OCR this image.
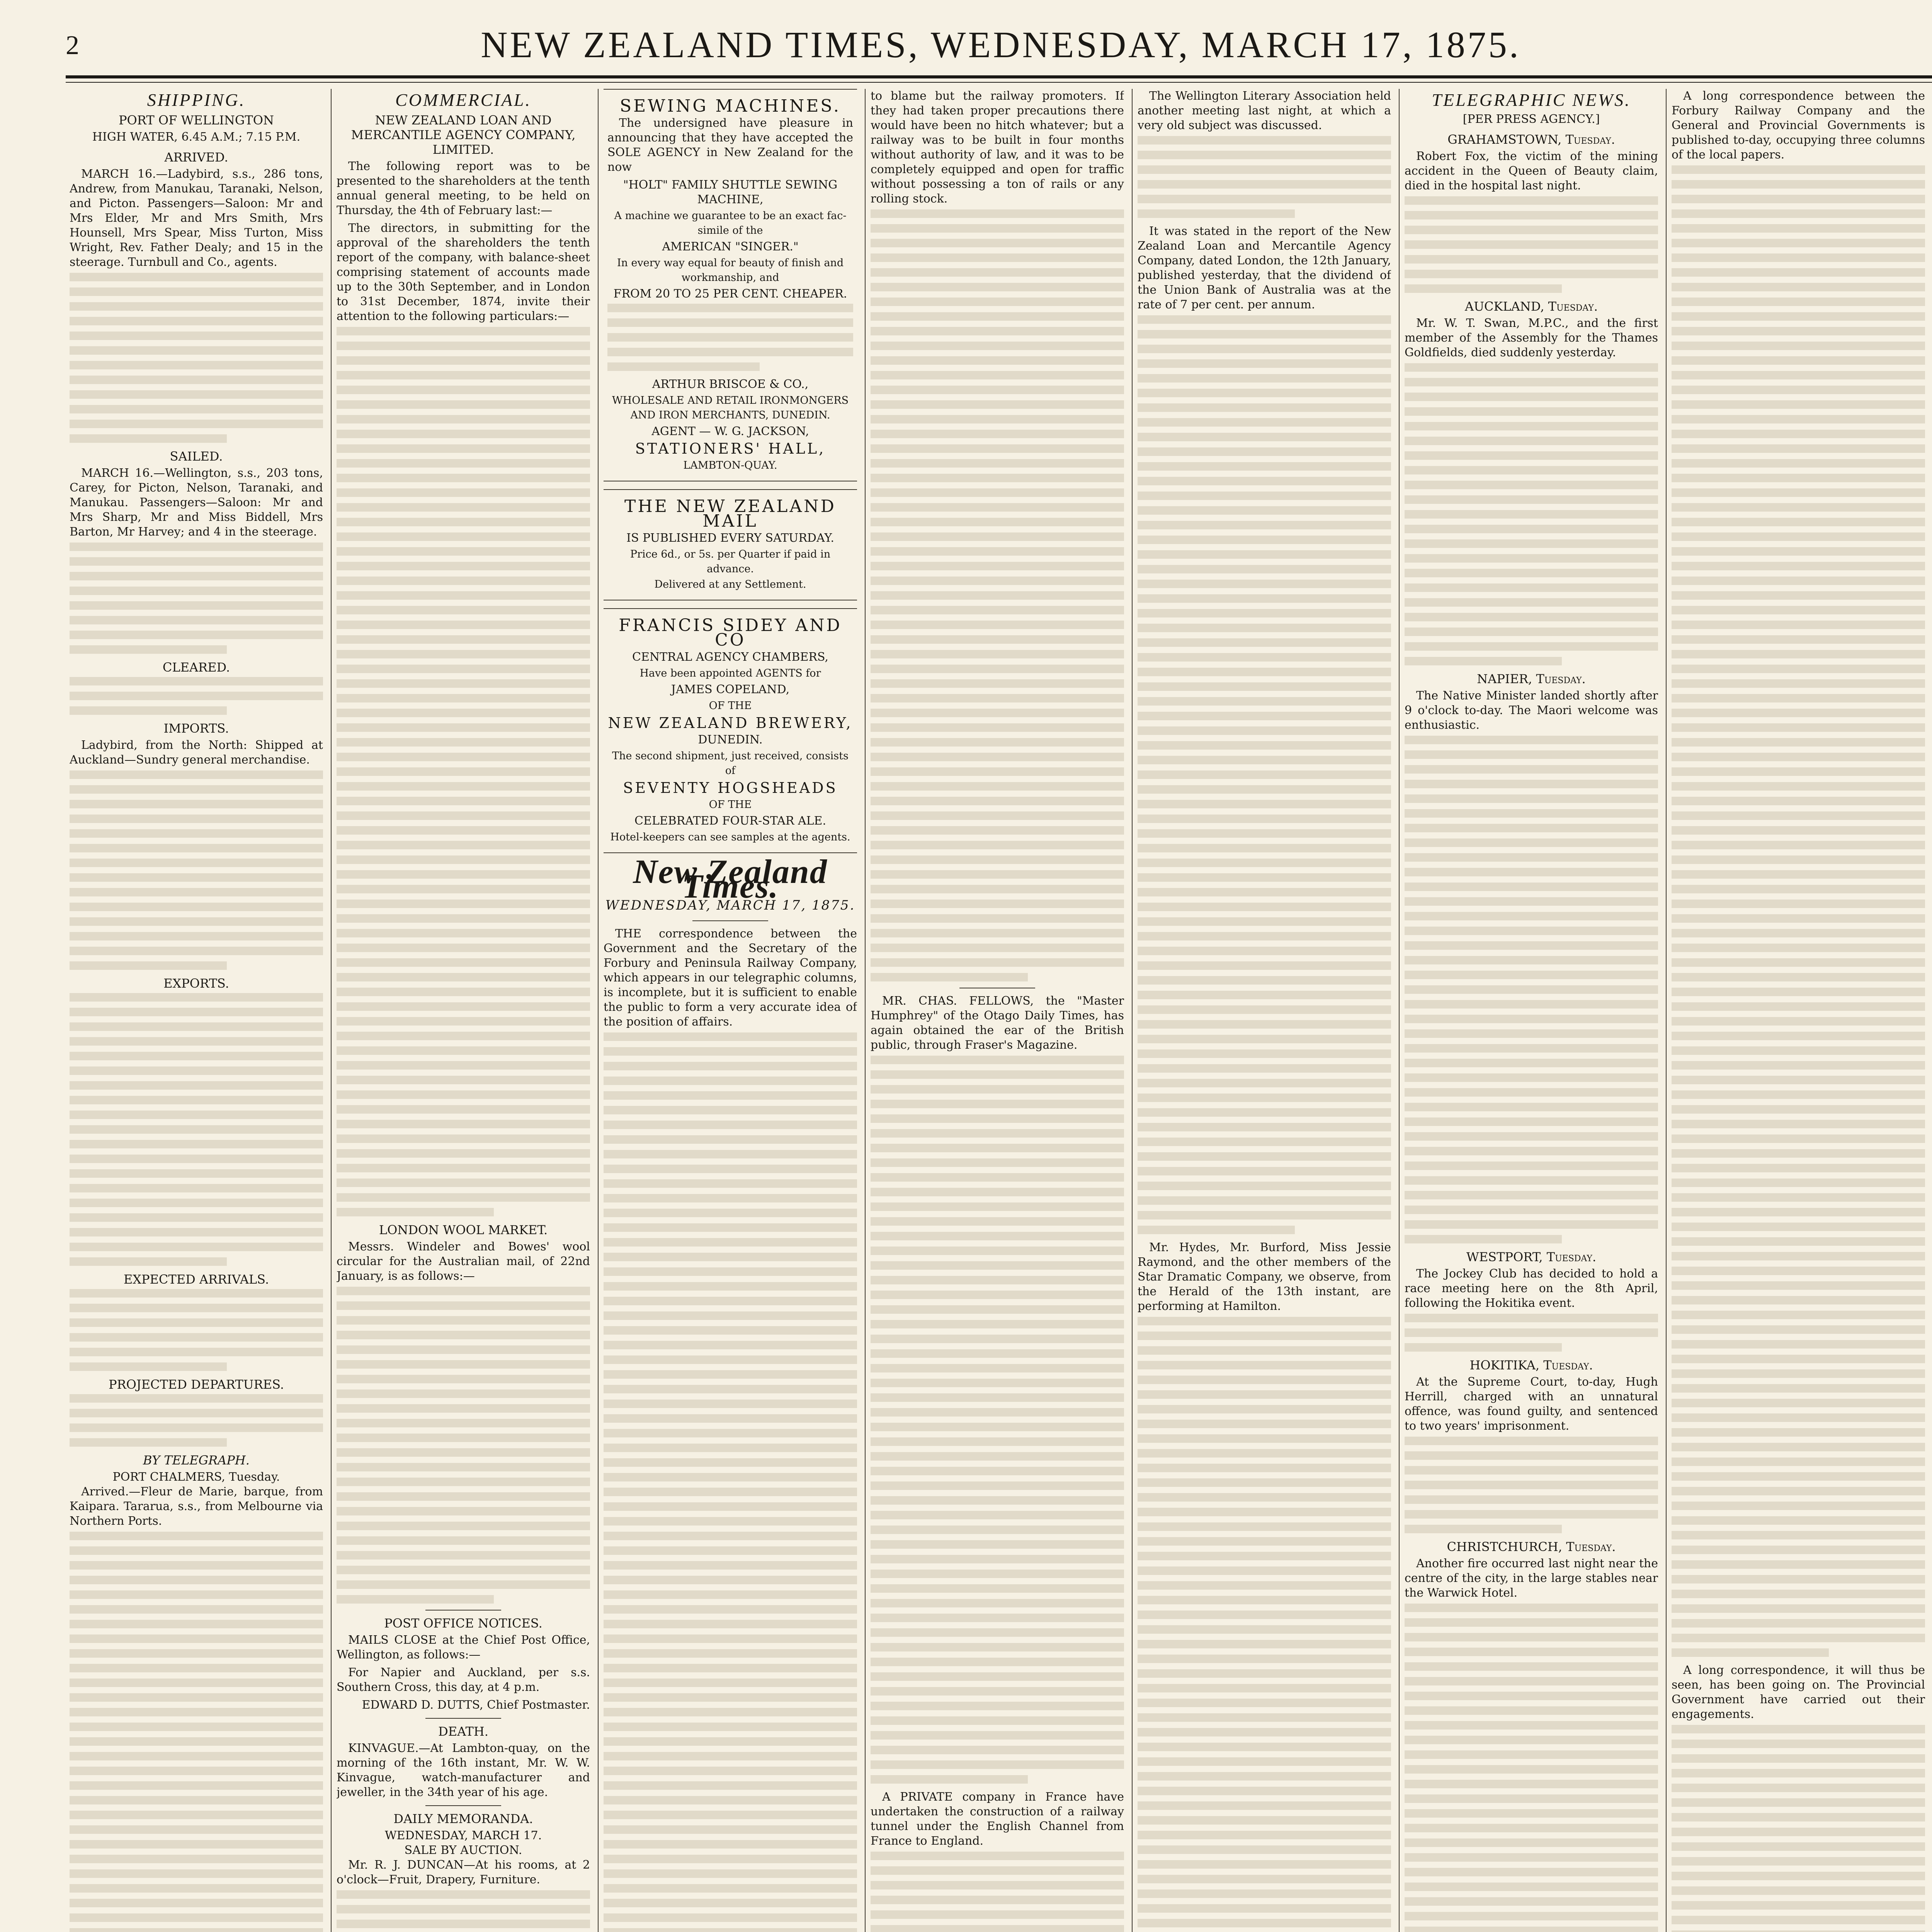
2	NEW ZEALAND TIMES, WEDNESDAY, MARCH 17, 1875.
SHIPPING.
PORT OF WELLINGTON
HIGH WATER, 6.45 A.M.; 7.15 P.M.
ARRIVED.

MARCH 16.—Ladybird, s.s., 286 tons, Andrew, from Manukau, Taranaki, Nelson, and Picton. Passengers—Saloon: Mr and Mrs Elder, Mr and Mrs Smith, Mrs Hounsell, Mrs Spear, Miss Turton, Miss Wright, Rev. Father Dealy; and 15 in the steerage. Turnbull and Co., agents.

SAILED.

MARCH 16.—Wellington, s.s., 203 tons, Carey, for Picton, Nelson, Taranaki, and Manukau. Passengers—Saloon: Mr and Mrs Sharp, Mr and Miss Biddell, Mrs Barton, Mr Harvey; and 4 in the steerage.

CLEARED.
IMPORTS.

Ladybird, from the North: Shipped at Auckland—Sundry general merchandise.

EXPORTS.
EXPECTED ARRIVALS.
PROJECTED DEPARTURES.
BY TELEGRAPH.
PORT CHALMERS, Tuesday.

Arrived.—Fleur de Marie, barque, from Kaipara. Tararua, s.s., from Melbourne via Northern Ports.

COMMERCIAL.
NEW ZEALAND LOAN AND MERCANTILE AGENCY COMPANY, LIMITED.

The following report was to be presented to the shareholders at the tenth annual general meeting, to be held on Thursday, the 4th of February last:—

The directors, in submitting for the approval of the shareholders the tenth report of the company, with balance-sheet comprising statement of accounts made up to the 30th September, and in London to 31st December, 1874, invite their attention to the following particulars:—

LONDON WOOL MARKET.

Messrs. Windeler and Bowes' wool circular for the Australian mail, of 22nd January, is as follows:—

POST OFFICE NOTICES.

MAILS CLOSE at the Chief Post Office, Wellington, as follows:—

For Napier and Auckland, per s.s. Southern Cross, this day, at 4 p.m.

EDWARD D. DUTTS, Chief Postmaster.

DEATH.

KINVAGUE.—At Lambton-quay, on the morning of the 16th instant, Mr. W. W. Kinvague, watch-manufacturer and jeweller, in the 34th year of his age.

DAILY MEMORANDA.
WEDNESDAY, MARCH 17.
SALE BY AUCTION.

Mr. R. J. DUNCAN—At his rooms, at 2 o'clock—Fruit, Drapery, Furniture.

SEWING MACHINES.

The undersigned have pleasure in announcing that they have accepted the SOLE AGENCY in New Zealand for the now

"HOLT" FAMILY SHUTTLE SEWING MACHINE,
A machine we guarantee to be an exact fac-simile of the
AMERICAN "SINGER."
In every way equal for beauty of finish and workmanship, and
FROM 20 TO 25 PER CENT. CHEAPER.
ARTHUR BRISCOE & CO.,
WHOLESALE AND RETAIL IRONMONGERS AND IRON MERCHANTS, DUNEDIN.
AGENT — W. G. JACKSON,
STATIONERS' HALL,
LAMBTON-QUAY.
THE NEW ZEALAND MAIL
IS PUBLISHED EVERY SATURDAY.
Price 6d., or 5s. per Quarter if paid in advance.
Delivered at any Settlement.
FRANCIS SIDEY AND CO
CENTRAL AGENCY CHAMBERS,
Have been appointed AGENTS for
JAMES COPELAND,
OF THE
NEW ZEALAND BREWERY,
DUNEDIN.
The second shipment, just received, consists of
SEVENTY HOGSHEADS
OF THE
CELEBRATED FOUR-STAR ALE.
Hotel-keepers can see samples at the agents.
New Zealand Times.
WEDNESDAY, MARCH 17, 1875.

THE correspondence between the Government and the Secretary of the Forbury and Peninsula Railway Company, which appears in our telegraphic columns, is incomplete, but it is sufficient to enable the public to form a very accurate idea of the position of affairs.

to blame but the railway promoters. If they had taken proper precautions there would have been no hitch whatever; but a railway was to be built in four months without authority of law, and it was to be completely equipped and open for traffic without possessing a ton of rails or any rolling stock.

MR. CHAS. FELLOWS, the "Master Humphrey" of the Otago Daily Times, has again obtained the ear of the British public, through Fraser's Magazine.

A PRIVATE company in France have undertaken the construction of a railway tunnel under the English Channel from France to England.

The Wellington Literary Association held another meeting last night, at which a very old subject was discussed.

It was stated in the report of the New Zealand Loan and Mercantile Agency Company, dated London, the 12th January, published yesterday, that the dividend of the Union Bank of Australia was at the rate of 7 per cent. per annum.

Mr. Hydes, Mr. Burford, Miss Jessie Raymond, and the other members of the Star Dramatic Company, we observe, from the Herald of the 13th instant, are performing at Hamilton.

TELEGRAPHIC NEWS.
[PER PRESS AGENCY.]
GRAHAMSTOWN, Tuesday.

Robert Fox, the victim of the mining accident in the Queen of Beauty claim, died in the hospital last night.

AUCKLAND, Tuesday.

Mr. W. T. Swan, M.P.C., and the first member of the Assembly for the Thames Goldfields, died suddenly yesterday.

NAPIER, Tuesday.

The Native Minister landed shortly after 9 o'clock to-day. The Maori welcome was enthusiastic.

WESTPORT, Tuesday.

The Jockey Club has decided to hold a race meeting here on the 8th April, following the Hokitika event.

HOKITIKA, Tuesday.

At the Supreme Court, to-day, Hugh Herrill, charged with an unnatural offence, was found guilty, and sentenced to two years' imprisonment.

CHRISTCHURCH, Tuesday.

Another fire occurred last night near the centre of the city, in the large stables near the Warwick Hotel.

A long correspondence between the Forbury Railway Company and the General and Provincial Governments is published to-day, occupying three columns of the local papers.

A long correspondence, it will thus be seen, has been going on. The Provincial Government have carried out their engagements.
